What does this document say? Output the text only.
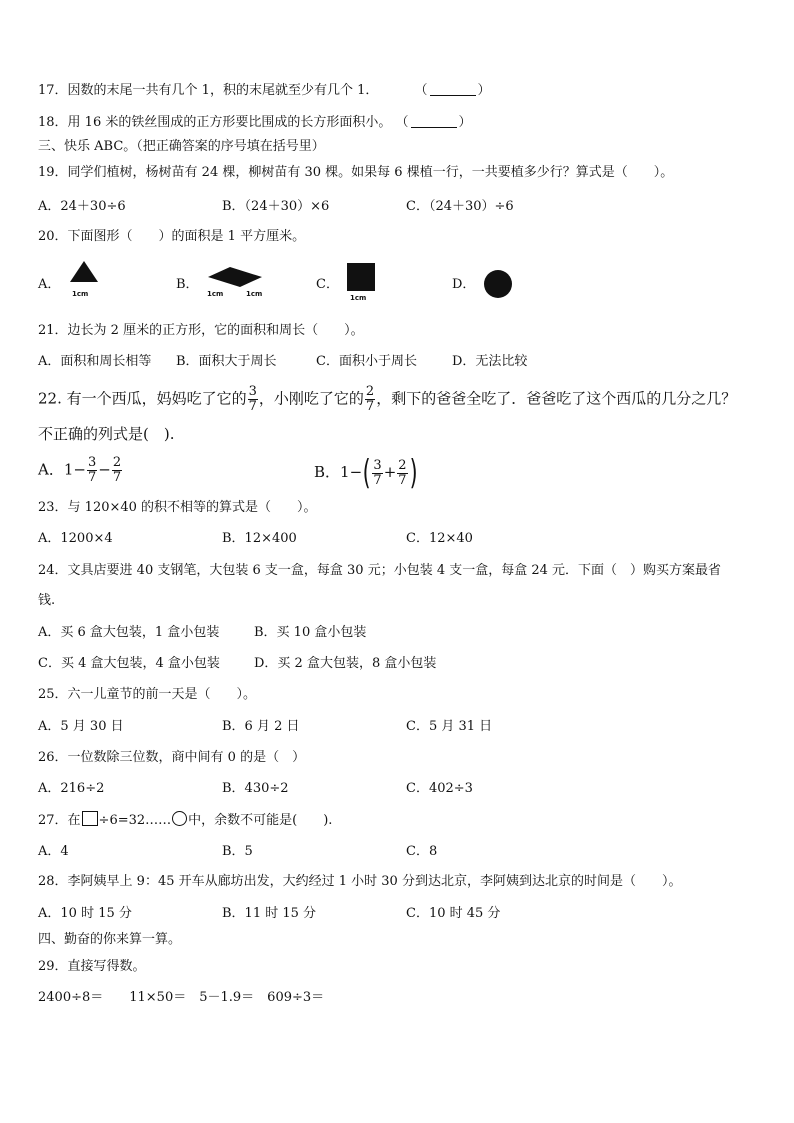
17．因数的末尾一共有几个 1，积的末尾就至少有几个 1．	（	）
18．用 16 米的铁丝围成的正方形要比围成的长方形面积小。 （	）
三、快乐 ABC。（把正确答案的序号填在括号里）
19．同学们植树，杨树苗有 24 棵，柳树苗有 30 棵。如果每 6 棵植一行，一共要植多少行？算式是（　　）。
A．24＋30÷6	B．（24＋30）×6	C．（24＋30）÷6
20．下面图形（　　）的面积是 1 平方厘米。
A．
1cm
B．
1cm	1cm
C．
1cm
D．
21．边长为 2 厘米的正方形，它的面积和周长（　　）。
A．面积和周长相等 B．面积大于周长	C．面积小于周长	D．无法比较
22. 有一个西瓜，妈妈吃了它的 $\frac{3}{7}$ ，小刚吃了它的 $\frac{2}{7}$ ，剩下的爸爸全吃了．爸爸吃了这个西瓜的几分之几？
不正确的列式是(　).
A．$1- \frac{3}{7} - \frac{2}{7}$	B．$1-( \frac{3}{7} + \frac{2}{7}$ )
23．与 120×40 的积不相等的算式是（　　）。
A．1200×4	B．12×400	C．12×40
24．文具店要进 40 支钢笔，大包装 6 支一盒，每盒 30 元；小包装 4 支一盒，每盒 24 元．下面（　）购买方案最省
钱.
A．买 6 盒大包装，1 盒小包装	B．买 10 盒小包装
C．买 4 盒大包装，4 盒小包装	D．买 2 盒大包装，8 盒小包装
25．六一儿童节的前一天是（　　）。
A．5 月 30 日	B．6 月 2 日	C．5 月 31 日
26．一位数除三位数，商中间有 0 的是（　）
A．216÷2	B．430÷2	C．402÷3
27．在 ÷6=32…… 中，余数不可能是(　　).
A．4	B．5	C．8
28．李阿姨早上 9：45 开车从廊坊出发，大约经过 1 小时 30 分到达北京，李阿姨到达北京的时间是（　　）。
A．10 时 15 分	B．11 时 15 分	C．10 时 45 分
四、勤奋的你来算一算。
29．直接写得数。
2400÷8＝　　11×50＝　5－1.9＝　609÷3＝
